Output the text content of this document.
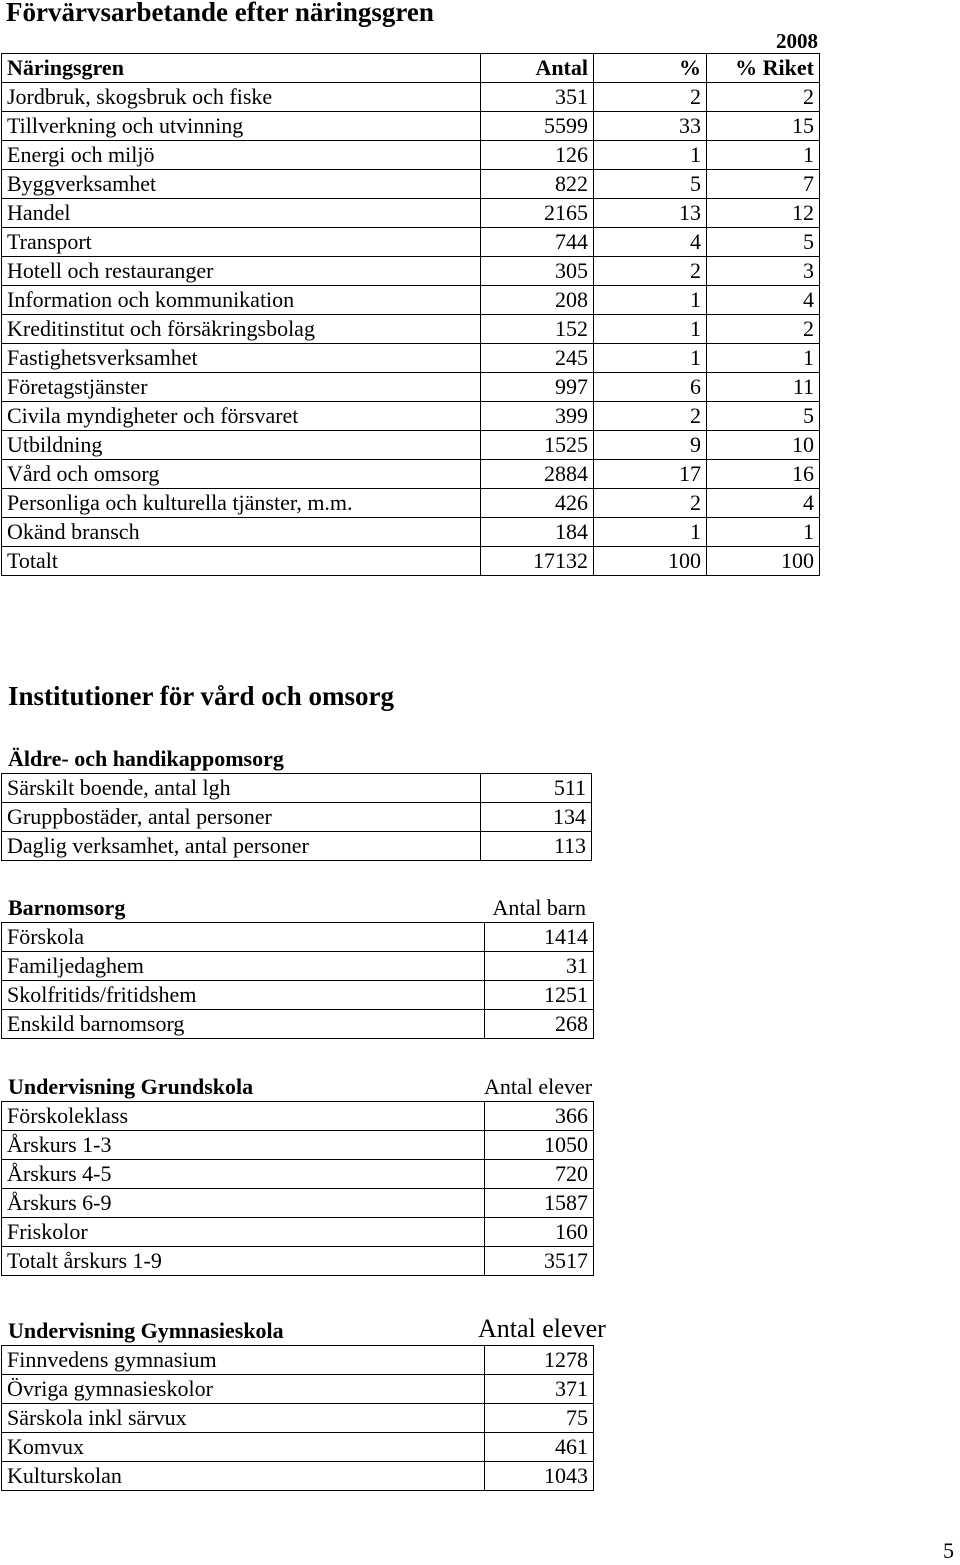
Förvärvsarbetande efter näringsgren
2008
Näringsgren	Antal	%	% Riket
Jordbruk, skogsbruk och fiske	351	2	2
Tillverkning och utvinning	5599	33	15
Energi och miljö	126	1	1
Byggverksamhet	822	5	7
Handel	2165	13	12
Transport	744	4	5
Hotell och restauranger	305	2	3
Information och kommunikation	208	1	4
Kreditinstitut och försäkringsbolag	152	1	2
Fastighetsverksamhet	245	1	1
Företagstjänster	997	6	11
Civila myndigheter och försvaret	399	2	5
Utbildning	1525	9	10
Vård och omsorg	2884	17	16
Personliga och kulturella tjänster, m.m.	426	2	4
Okänd bransch	184	1	1
Totalt	17132	100	100
Institutioner för vård och omsorg
Äldre- och handikappomsorg
Särskilt boende, antal lgh	511
Gruppbostäder, antal personer	134
Daglig verksamhet, antal personer	113
Barnomsorg	Antal barn
Förskola	1414
Familjedaghem	31
Skolfritids/fritidshem	1251
Enskild barnomsorg	268
Undervisning Grundskola	Antal elever
Förskoleklass	366
Årskurs 1-3	1050
Årskurs 4-5	720
Årskurs 6-9	1587
Friskolor	160
Totalt årskurs 1-9	3517
Undervisning Gymnasieskola	Antal elever
Finnvedens gymnasium	1278
Övriga gymnasieskolor	371
Särskola inkl särvux	75
Komvux	461
Kulturskolan	1043
5
